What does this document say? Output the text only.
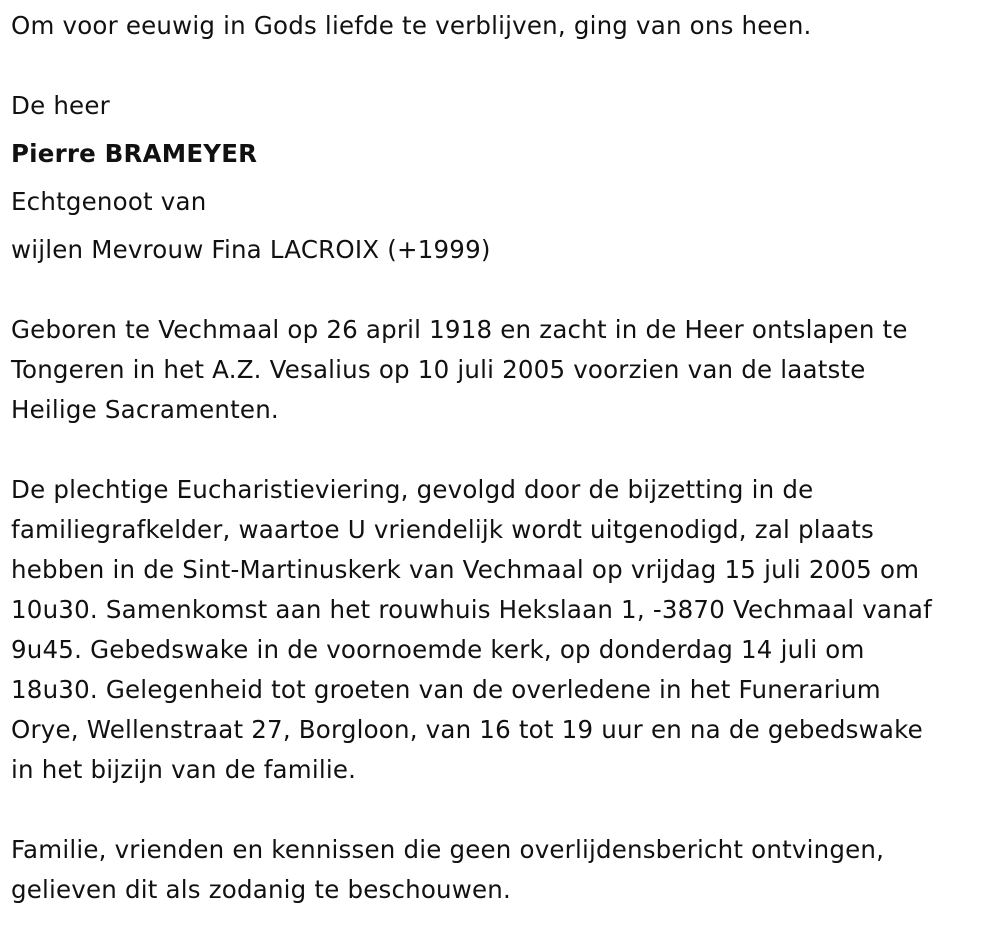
Om voor eeuwig in Gods liefde te verblijven, ging van ons heen.

De heer

Pierre BRAMEYER

Echtgenoot van

wijlen Mevrouw Fina LACROIX (+1999)

Geboren te Vechmaal op 26 april 1918 en zacht in de Heer ontslapen te

Tongeren in het A.Z. Vesalius op 10 juli 2005 voorzien van de laatste

Heilige Sacramenten.

De plechtige Eucharistieviering, gevolgd door de bijzetting in de

familiegrafkelder, waartoe U vriendelijk wordt uitgenodigd, zal plaats

hebben in de Sint-Martinuskerk van Vechmaal op vrijdag 15 juli 2005 om

10u30. Samenkomst aan het rouwhuis Hekslaan 1, -3870 Vechmaal vanaf

9u45. Gebedswake in de voornoemde kerk, op donderdag 14 juli om

18u30. Gelegenheid tot groeten van de overledene in het Funerarium

Orye, Wellenstraat 27, Borgloon, van 16 tot 19 uur en na de gebedswake

in het bijzijn van de familie.

Familie, vrienden en kennissen die geen overlijdensbericht ontvingen,

gelieven dit als zodanig te beschouwen.
